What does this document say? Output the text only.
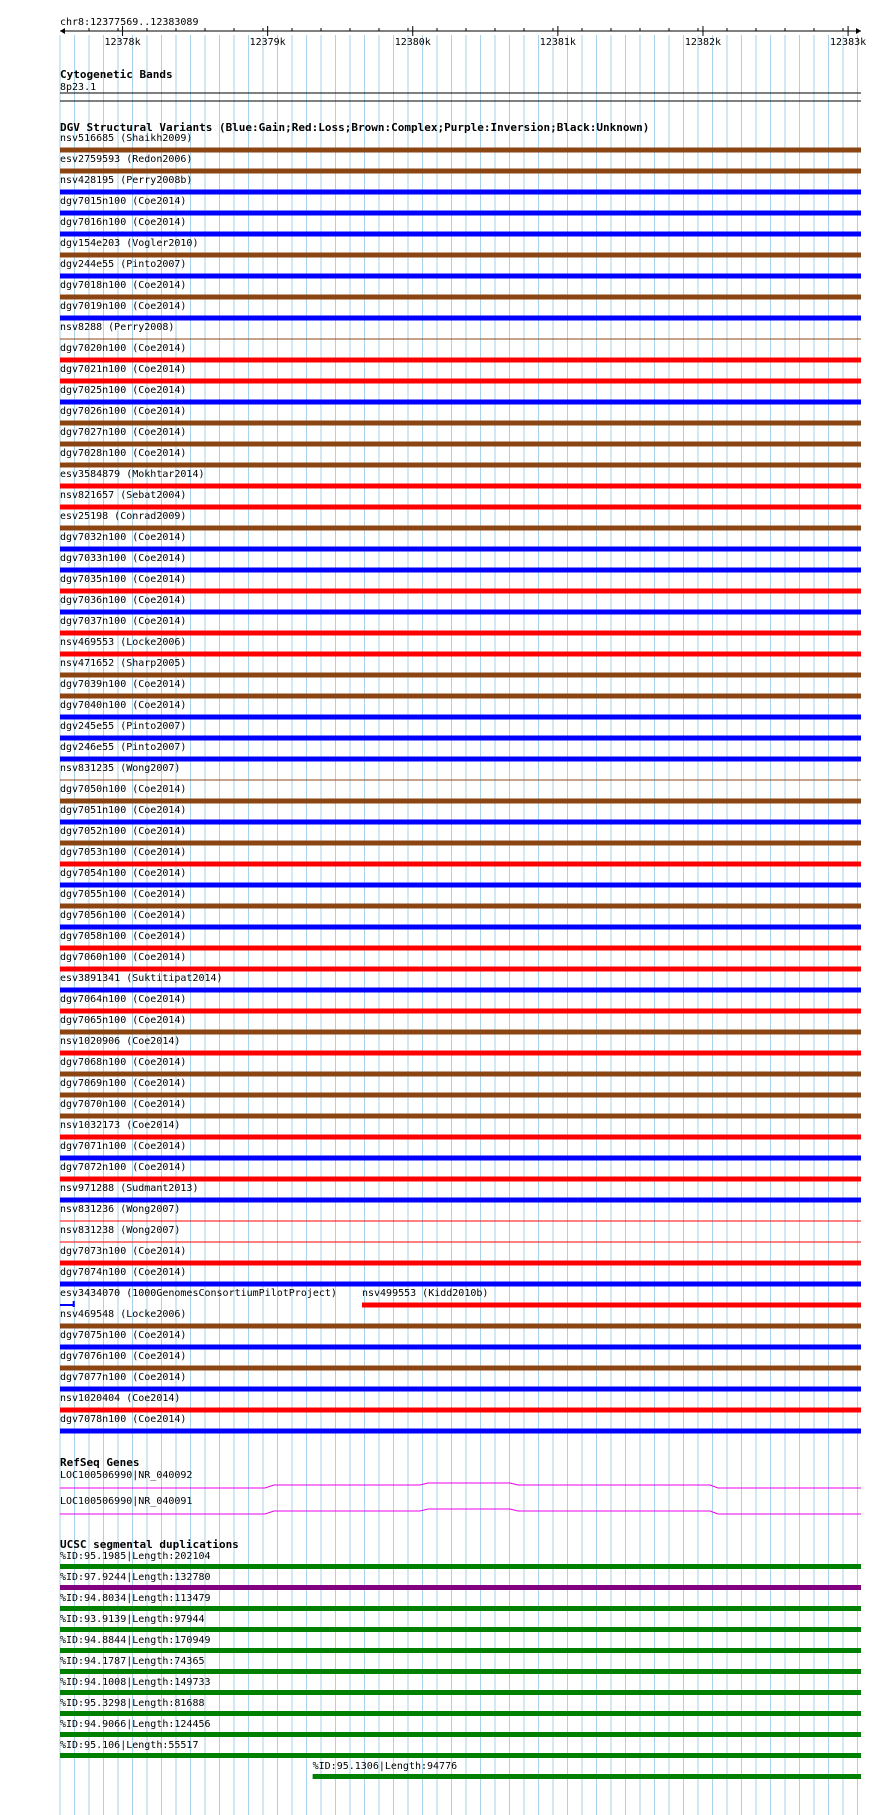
chr8:12377569..12383089
12378k	12379k	12380k	12381k	12382k	12383k
Cytogenetic Bands
8p23.1
DGV Structural Variants (Blue:Gain;Red:Loss;Brown:Complex;Purple:Inversion;Black:Unknown)
nsv516685 (Shaikh2009)
esv2759593 (Redon2006)
nsv428195 (Perry2008b)
dgv7015n100 (Coe2014)
dgv7016n100 (Coe2014)
dgv154e203 (Vogler2010)
dgv244e55 (Pinto2007)
dgv7018n100 (Coe2014)
dgv7019n100 (Coe2014)
nsv8288 (Perry2008)
dgv7020n100 (Coe2014)
dgv7021n100 (Coe2014)
dgv7025n100 (Coe2014)
dgv7026n100 (Coe2014)
dgv7027n100 (Coe2014)
dgv7028n100 (Coe2014)
esv3584879 (Mokhtar2014)
nsv821657 (Sebat2004)
esv25198 (Conrad2009)
dgv7032n100 (Coe2014)
dgv7033n100 (Coe2014)
dgv7035n100 (Coe2014)
dgv7036n100 (Coe2014)
dgv7037n100 (Coe2014)
nsv469553 (Locke2006)
nsv471652 (Sharp2005)
dgv7039n100 (Coe2014)
dgv7040n100 (Coe2014)
dgv245e55 (Pinto2007)
dgv246e55 (Pinto2007)
nsv831235 (Wong2007)
dgv7050n100 (Coe2014)
dgv7051n100 (Coe2014)
dgv7052n100 (Coe2014)
dgv7053n100 (Coe2014)
dgv7054n100 (Coe2014)
dgv7055n100 (Coe2014)
dgv7056n100 (Coe2014)
dgv7058n100 (Coe2014)
dgv7060n100 (Coe2014)
esv3891341 (Suktitipat2014)
dgv7064n100 (Coe2014)
dgv7065n100 (Coe2014)
nsv1020906 (Coe2014)
dgv7068n100 (Coe2014)
dgv7069n100 (Coe2014)
dgv7070n100 (Coe2014)
nsv1032173 (Coe2014)
dgv7071n100 (Coe2014)
dgv7072n100 (Coe2014)
nsv971288 (Sudmant2013)
nsv831236 (Wong2007)
nsv831238 (Wong2007)
dgv7073n100 (Coe2014)
dgv7074n100 (Coe2014)
esv3434070 (1000GenomesConsortiumPilotProject)	nsv499553 (Kidd2010b)
nsv469548 (Locke2006)
dgv7075n100 (Coe2014)
dgv7076n100 (Coe2014)
dgv7077n100 (Coe2014)
nsv1020404 (Coe2014)
dgv7078n100 (Coe2014)
RefSeq Genes
LOC100506990|NR_040092
LOC100506990|NR_040091
UCSC segmental duplications
%ID:95.1985|Length:202104
%ID:97.9244|Length:132780
%ID:94.8034|Length:113479
%ID:93.9139|Length:97944
%ID:94.8844|Length:170949
%ID:94.1787|Length:74365
%ID:94.1008|Length:149733
%ID:95.3298|Length:81688
%ID:94.9066|Length:124456
%ID:95.106|Length:55517
%ID:95.1306|Length:94776
